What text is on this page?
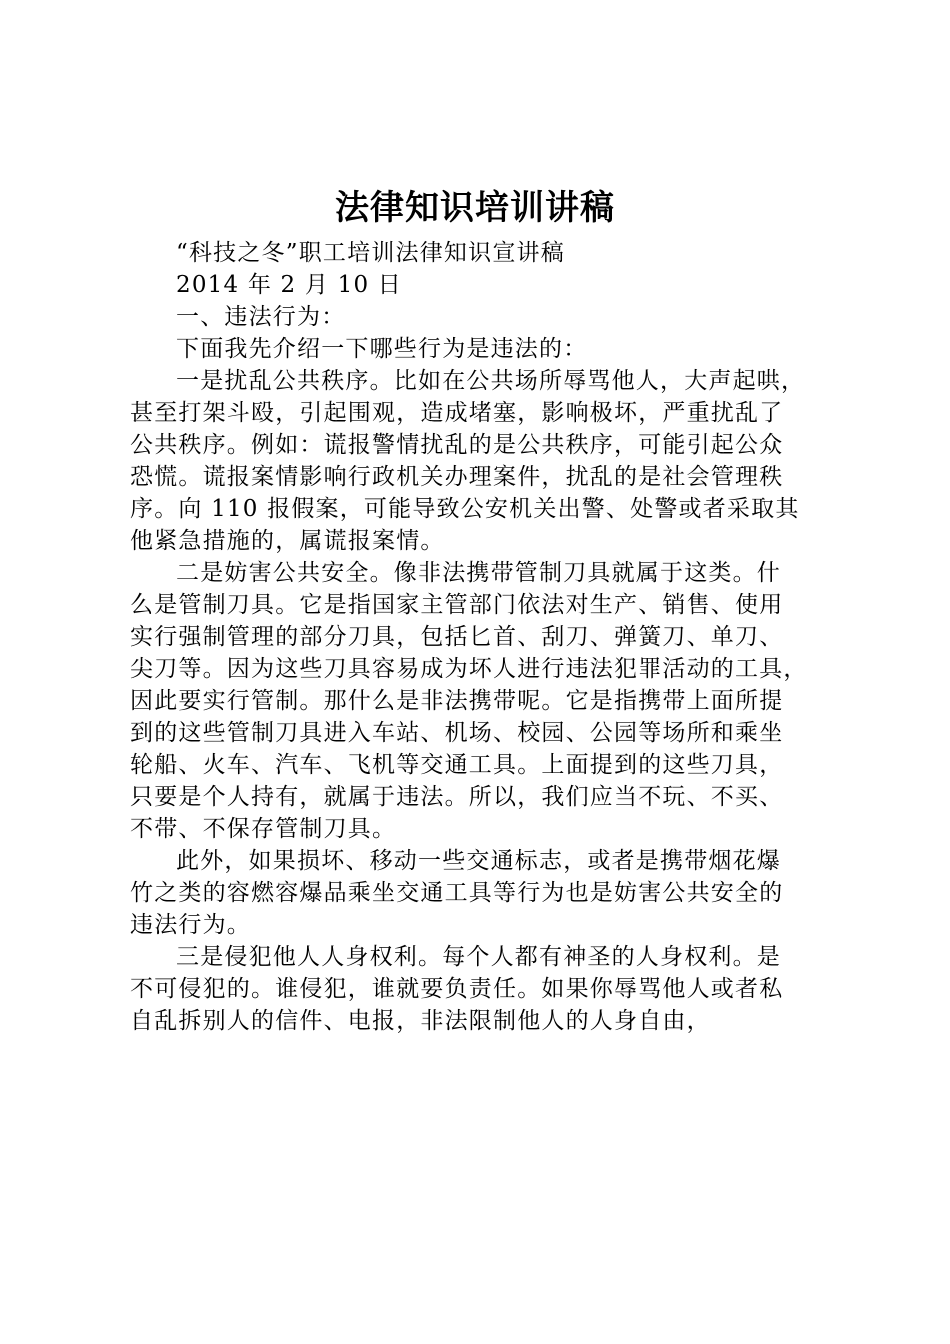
法律知识培训讲稿
“科技之冬”职工培训法律知识宣讲稿
2014 年 2 月 10 日
一、违法行为：
下面我先介绍一下哪些行为是违法的：
一是扰乱公共秩序。比如在公共场所辱骂他人，大声起哄，
甚至打架斗殴，引起围观，造成堵塞，影响极坏，严重扰乱了
公共秩序。例如：谎报警情扰乱的是公共秩序，可能引起公众
恐慌。谎报案情影响行政机关办理案件，扰乱的是社会管理秩
序。向 110 报假案，可能导致公安机关出警、处警或者采取其
他紧急措施的，属谎报案情。
二是妨害公共安全。像非法携带管制刀具就属于这类。什
么是管制刀具。它是指国家主管部门依法对生产、销售、使用
实行强制管理的部分刀具，包括匕首、刮刀、弹簧刀、单刀、
尖刀等。因为这些刀具容易成为坏人进行违法犯罪活动的工具，
因此要实行管制。那什么是非法携带呢。它是指携带上面所提
到的这些管制刀具进入车站、机场、校园、公园等场所和乘坐
轮船、火车、汽车、飞机等交通工具。上面提到的这些刀具，
只要是个人持有，就属于违法。所以，我们应当不玩、不买、
不带、不保存管制刀具。
此外，如果损坏、移动一些交通标志，或者是携带烟花爆
竹之类的容燃容爆品乘坐交通工具等行为也是妨害公共安全的
违法行为。
三是侵犯他人人身权利。每个人都有神圣的人身权利。是
不可侵犯的。谁侵犯，谁就要负责任。如果你辱骂他人或者私
自乱拆别人的信件、电报，非法限制他人的人身自由，
